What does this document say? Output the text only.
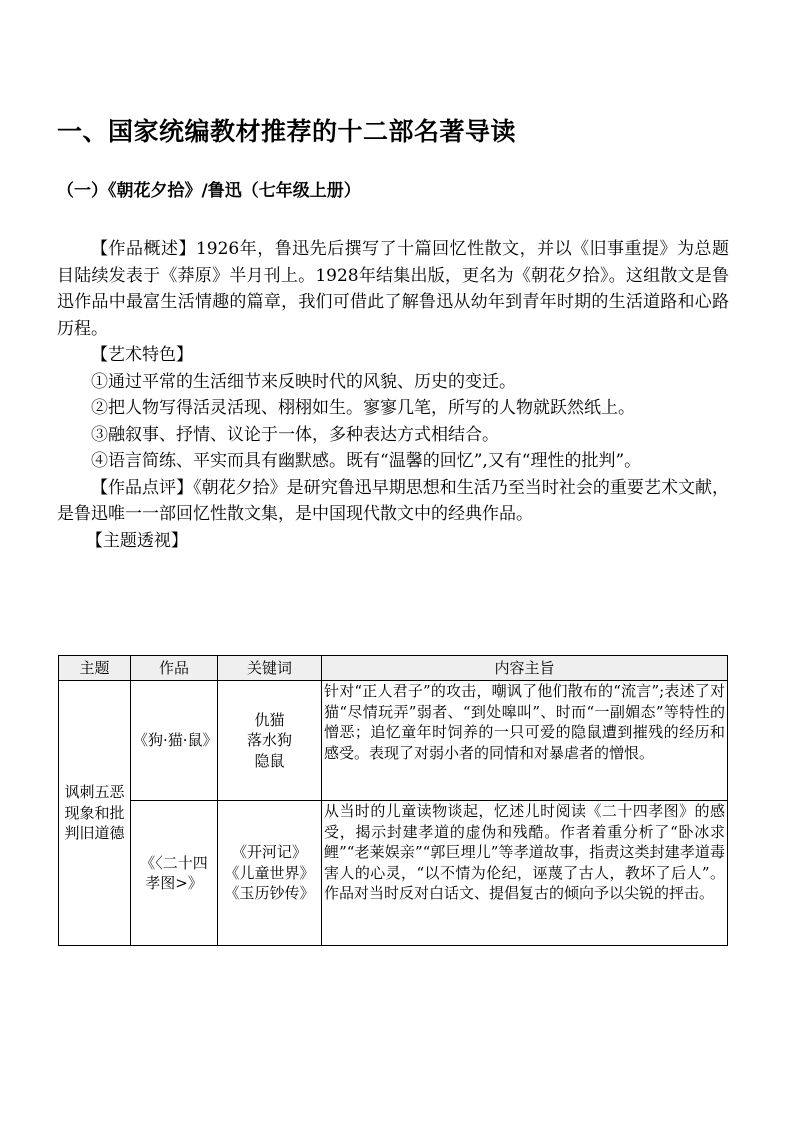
一、国家统编教材推荐的十二部名著导读
（一）《朝花夕拾》/鲁迅（七年级上册）

【作品概述】1926年，鲁迅先后撰写了十篇回忆性散文，并以《旧事重提》为总题目陆续发表于《莽原》半月刊上。1928年结集出版，更名为《朝花夕拾》。这组散文是鲁迅作品中最富生活情趣的篇章，我们可借此了解鲁迅从幼年到青年时期的生活道路和心路历程。

【艺术特色】

①通过平常的生活细节来反映时代的风貌、历史的变迁。

②把人物写得活灵活现、栩栩如生。寥寥几笔，所写的人物就跃然纸上。

③融叙事、抒情、议论于一体，多种表达方式相结合。

④语言简练、平实而具有幽默感。既有“温馨的回忆”,又有“理性的批判”。

【作品点评】《朝花夕拾》是研究鲁迅早期思想和生活乃至当时社会的重要艺术文献，是鲁迅唯一一部回忆性散文集，是中国现代散文中的经典作品。

【主题透视】

主题	作品	关键词	内容主旨
讽刺五恶现象和批判旧道德	《狗·猫·鼠》	仇猫
落水狗
隐鼠	针对“正人君子”的攻击，嘲讽了他们散布的“流言”;表述了对猫“尽情玩弄”弱者、“到处嗥叫”、时而“一副媚态”等特性的憎恶；追忆童年时饲养的一只可爱的隐鼠遭到摧残的经历和感受。表现了对弱小者的同情和对暴虐者的憎恨。
	《〈二十四孝图>》	《开河记》
《儿童世界》
《玉历钞传》	从当时的儿童读物谈起，忆述儿时阅读《二十四孝图》的感受，揭示封建孝道的虚伪和残酷。作者着重分析了“卧冰求鲤”“老莱娱亲”“郭巨埋儿”等孝道故事，指责这类封建孝道毒害人的心灵，“以不情为伦纪，诬蔑了古人，教坏了后人”。作品对当时反对白话文、提倡复古的倾向予以尖锐的抨击。
